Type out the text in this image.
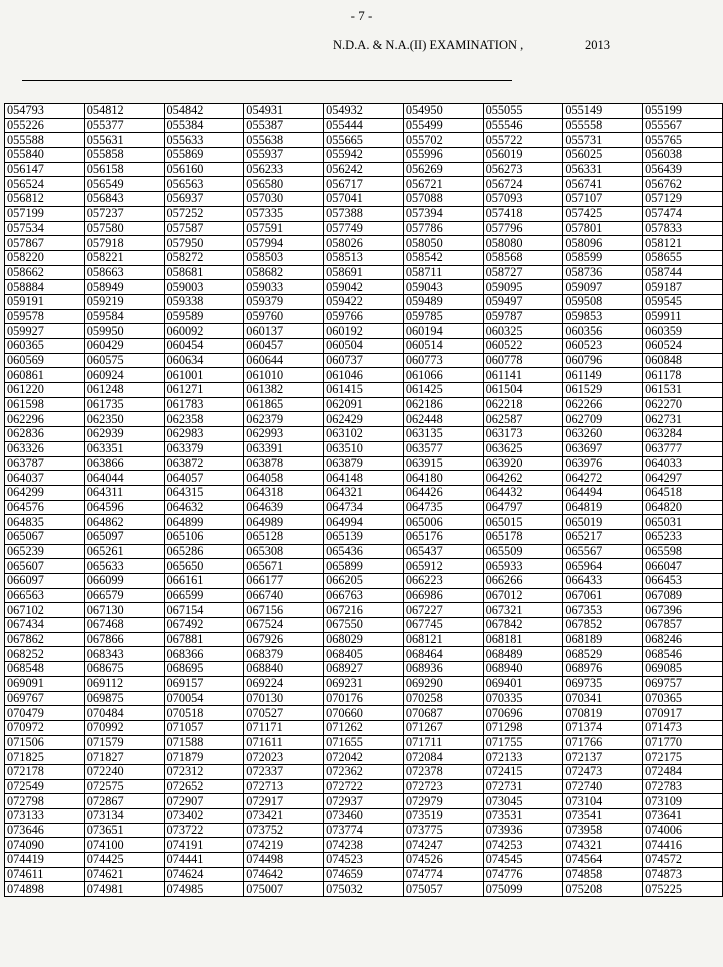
- 7 -
N.D.A. & N.A.(II) EXAMINATION ,	2013
054793	054812	054842	054931	054932	054950	055055	055149	055199
055226	055377	055384	055387	055444	055499	055546	055558	055567
055588	055631	055633	055638	055665	055702	055722	055731	055765
055840	055858	055869	055937	055942	055996	056019	056025	056038
056147	056158	056160	056233	056242	056269	056273	056331	056439
056524	056549	056563	056580	056717	056721	056724	056741	056762
056812	056843	056937	057030	057041	057088	057093	057107	057129
057199	057237	057252	057335	057388	057394	057418	057425	057474
057534	057580	057587	057591	057749	057786	057796	057801	057833
057867	057918	057950	057994	058026	058050	058080	058096	058121
058220	058221	058272	058503	058513	058542	058568	058599	058655
058662	058663	058681	058682	058691	058711	058727	058736	058744
058884	058949	059003	059033	059042	059043	059095	059097	059187
059191	059219	059338	059379	059422	059489	059497	059508	059545
059578	059584	059589	059760	059766	059785	059787	059853	059911
059927	059950	060092	060137	060192	060194	060325	060356	060359
060365	060429	060454	060457	060504	060514	060522	060523	060524
060569	060575	060634	060644	060737	060773	060778	060796	060848
060861	060924	061001	061010	061046	061066	061141	061149	061178
061220	061248	061271	061382	061415	061425	061504	061529	061531
061598	061735	061783	061865	062091	062186	062218	062266	062270
062296	062350	062358	062379	062429	062448	062587	062709	062731
062836	062939	062983	062993	063102	063135	063173	063260	063284
063326	063351	063379	063391	063510	063577	063625	063697	063777
063787	063866	063872	063878	063879	063915	063920	063976	064033
064037	064044	064057	064058	064148	064180	064262	064272	064297
064299	064311	064315	064318	064321	064426	064432	064494	064518
064576	064596	064632	064639	064734	064735	064797	064819	064820
064835	064862	064899	064989	064994	065006	065015	065019	065031
065067	065097	065106	065128	065139	065176	065178	065217	065233
065239	065261	065286	065308	065436	065437	065509	065567	065598
065607	065633	065650	065671	065899	065912	065933	065964	066047
066097	066099	066161	066177	066205	066223	066266	066433	066453
066563	066579	066599	066740	066763	066986	067012	067061	067089
067102	067130	067154	067156	067216	067227	067321	067353	067396
067434	067468	067492	067524	067550	067745	067842	067852	067857
067862	067866	067881	067926	068029	068121	068181	068189	068246
068252	068343	068366	068379	068405	068464	068489	068529	068546
068548	068675	068695	068840	068927	068936	068940	068976	069085
069091	069112	069157	069224	069231	069290	069401	069735	069757
069767	069875	070054	070130	070176	070258	070335	070341	070365
070479	070484	070518	070527	070660	070687	070696	070819	070917
070972	070992	071057	071171	071262	071267	071298	071374	071473
071506	071579	071588	071611	071655	071711	071755	071766	071770
071825	071827	071879	072023	072042	072084	072133	072137	072175
072178	072240	072312	072337	072362	072378	072415	072473	072484
072549	072575	072652	072713	072722	072723	072731	072740	072783
072798	072867	072907	072917	072937	072979	073045	073104	073109
073133	073134	073402	073421	073460	073519	073531	073541	073641
073646	073651	073722	073752	073774	073775	073936	073958	074006
074090	074100	074191	074219	074238	074247	074253	074321	074416
074419	074425	074441	074498	074523	074526	074545	074564	074572
074611	074621	074624	074642	074659	074774	074776	074858	074873
074898	074981	074985	075007	075032	075057	075099	075208	075225
